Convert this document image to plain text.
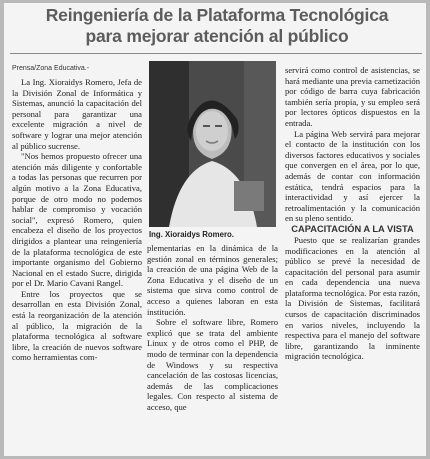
Reingeniería de la Plataforma Tecnológica
para mejorar atención al público
Prensa/Zona Educativa.-

La Ing. Xioraidys Romero, Jefa de la División Zonal de Informática y Sistemas, anunció la capacitación del personal para garantizar una excelente migración a nivel de software y lograr una mejor atención al público sucrense.

"Nos hemos propuesto ofrecer una atención más diligente y confortable a todas las personas que recurren por algún motivo a la Zona Educativa, porque de otro modo no podemos hablar de compromiso y vocación social", expresó Romero, quien encabeza el diseño de los proyectos dirigidos a plantear una reingeniería de la plataforma tecnológica de este importante organismo del Gobierno Nacional en el estado Sucre, dirigida por el Dr. Mario Cavani Rangel.

Entre los proyectos que se desarrollan en esta División Zonal, está la reorganización de la atención al público, la migración de la plataforma tecnológica al software libre, la creación de nuevos software como herramientas com-

Ing. Xioraidys Romero.

plementarias en la dinámica de la gestión zonal en términos generales; la creación de una página Web de la Zona Educativa y el diseño de un sistema que sirva como control de acceso a quienes laboran en esta institución.

Sobre el software libre, Romero explicó que se trata del ambiente Linux y de otros como el PHP, de modo de terminar con la dependencia de Windows y su respectiva cancelación de las costosas licencias, además de las complicaciones legales. Con respecto al sistema de acceso, que

servirá como control de asistencias, se hará mediante una previa carnetización por código de barra cuya fabricación también sería propia, y su empleo será por lectores ópticos dispuestos en la entrada.

La página Web servirá para mejorar el contacto de la institución con los diversos factores educativos y sociales que convergen en el área, por lo que, además de contar con información estática, tendrá espacios para la interactividad y así ejercer la retroalimentación y la comunicación en su pleno sentido.

CAPACITACIÓN A LA VISTA

Puesto que se realizarían grandes modificaciones en la atención al público se prevé la necesidad de capacitación del personal para asumir en cada dependencia una nueva plataforma tecnológica. Por esta razón, la División de Sistemas, facilitará cursos de capacitación discriminados en varios niveles, incluyendo la respectiva para el manejo del software libre, garantizando la inminente migración tecnológica.
